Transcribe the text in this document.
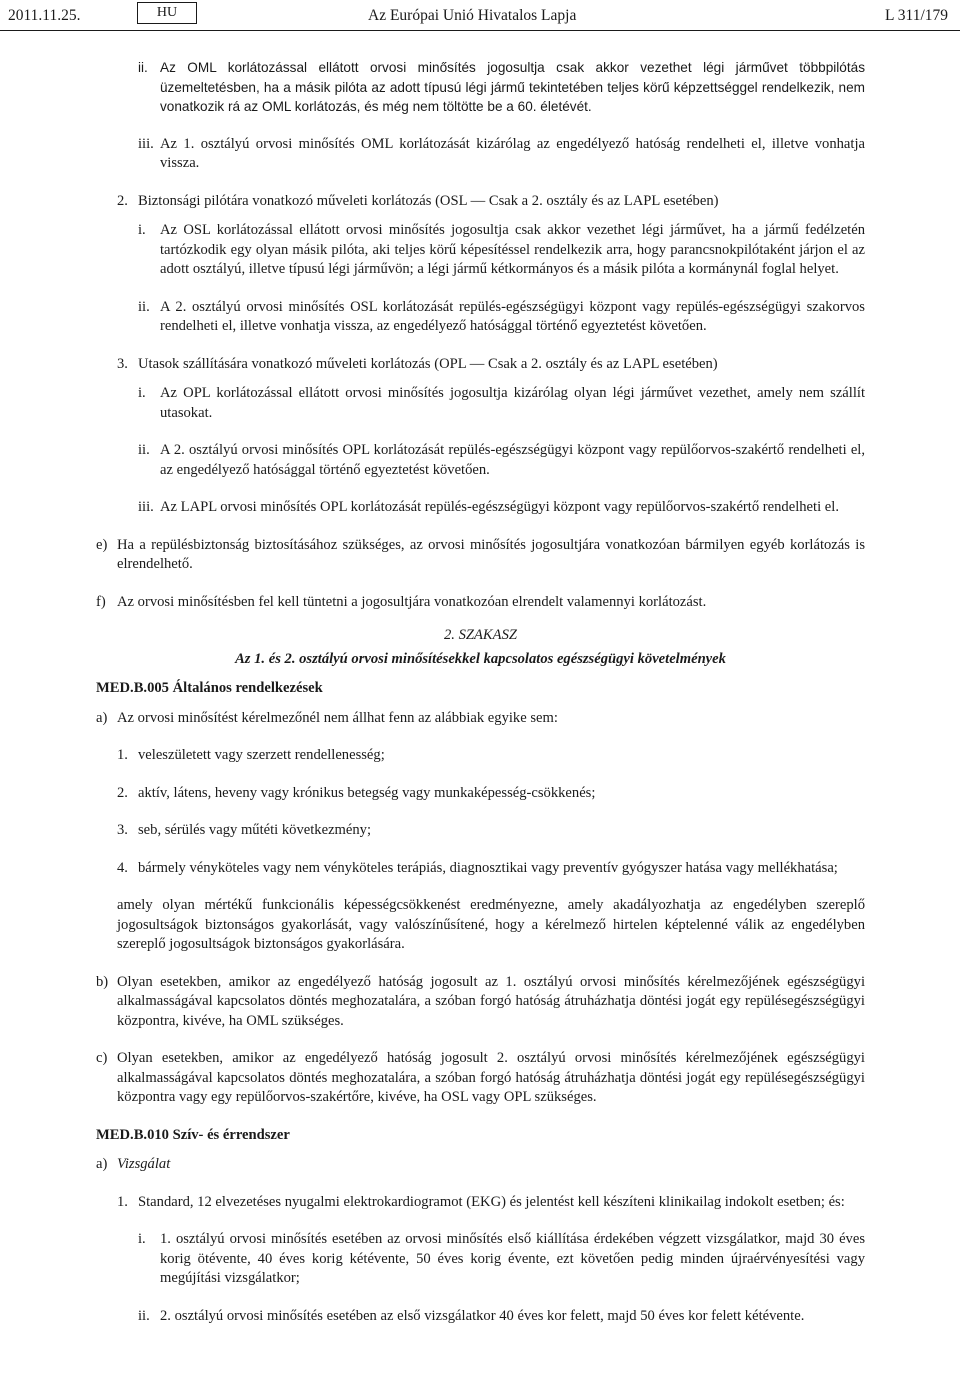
2011.11.25.	HU	Az Európai Unió Hivatalos Lapja	L 311/179
ii. Az OML korlátozással ellátott orvosi minősítés jogosultja csak akkor vezethet légi járművet többpilótás üzemeltetésben, ha a másik pilóta az adott típusú légi jármű tekintetében teljes körű képzettséggel rendelkezik, nem vonatkozik rá az OML korlátozás, és még nem töltötte be a 60. életévét.

iii. Az 1. osztályú orvosi minősítés OML korlátozását kizárólag az engedélyező hatóság rendelheti el, illetve vonhatja vissza.

2. Biztonsági pilótára vonatkozó műveleti korlátozás (OSL — Csak a 2. osztály és az LAPL esetében)

i. Az OSL korlátozással ellátott orvosi minősítés jogosultja csak akkor vezethet légi járművet, ha a jármű fedélzetén tartózkodik egy olyan másik pilóta, aki teljes körű képesítéssel rendelkezik arra, hogy parancsnokpilótaként járjon el az adott osztályú, illetve típusú légi járművön; a légi jármű kétkormányos és a másik pilóta a kormánynál foglal helyet.

ii. A 2. osztályú orvosi minősítés OSL korlátozását repülés-egészségügyi központ vagy repülés-egészségügyi szakorvos rendelheti el, illetve vonhatja vissza, az engedélyező hatósággal történő egyeztetést követően.

3. Utasok szállítására vonatkozó műveleti korlátozás (OPL — Csak a 2. osztály és az LAPL esetében)

i. Az OPL korlátozással ellátott orvosi minősítés jogosultja kizárólag olyan légi járművet vezethet, amely nem szállít utasokat.

ii. A 2. osztályú orvosi minősítés OPL korlátozását repülés-egészségügyi központ vagy repülőorvos-szakértő rendelheti el, az engedélyező hatósággal történő egyeztetést követően.

iii. Az LAPL orvosi minősítés OPL korlátozását repülés-egészségügyi központ vagy repülőorvos-szakértő rendelheti el.

e) Ha a repülésbiztonság biztosításához szükséges, az orvosi minősítés jogosultjára vonatkozóan bármilyen egyéb korlátozás is elrendelhető.

f) Az orvosi minősítésben fel kell tüntetni a jogosultjára vonatkozóan elrendelt valamennyi korlátozást.

2. SZAKASZ

Az 1. és 2. osztályú orvosi minősítésekkel kapcsolatos egészségügyi követelmények

MED.B.005 Általános rendelkezések

a) Az orvosi minősítést kérelmezőnél nem állhat fenn az alábbiak egyike sem:

1. veleszületett vagy szerzett rendellenesség;

2. aktív, látens, heveny vagy krónikus betegség vagy munkaképesség-csökkenés;

3. seb, sérülés vagy műtéti következmény;

4. bármely vényköteles vagy nem vényköteles terápiás, diagnosztikai vagy preventív gyógyszer hatása vagy mellékhatása;

amely olyan mértékű funkcionális képességcsökkenést eredményezne, amely akadályozhatja az engedélyben szereplő jogosultságok biztonságos gyakorlását, vagy valószínűsítené, hogy a kérelmező hirtelen képtelenné válik az engedélyben szereplő jogosultságok biztonságos gyakorlására.

b) Olyan esetekben, amikor az engedélyező hatóság jogosult az 1. osztályú orvosi minősítés kérelmezőjének egészségügyi alkalmasságával kapcsolatos döntés meghozatalára, a szóban forgó hatóság átruházhatja döntési jogát egy repülésegészségügyi központra, kivéve, ha OML szükséges.

c) Olyan esetekben, amikor az engedélyező hatóság jogosult 2. osztályú orvosi minősítés kérelmezőjének egészségügyi alkalmasságával kapcsolatos döntés meghozatalára, a szóban forgó hatóság átruházhatja döntési jogát egy repülésegészségügyi központra vagy egy repülőorvos-szakértőre, kivéve, ha OSL vagy OPL szükséges.

MED.B.010 Szív- és érrendszer

a) Vizsgálat

1. Standard, 12 elvezetéses nyugalmi elektrokardiogramot (EKG) és jelentést kell készíteni klinikailag indokolt esetben; és:

i. 1. osztályú orvosi minősítés esetében az orvosi minősítés első kiállítása érdekében végzett vizsgálatkor, majd 30 éves korig ötévente, 40 éves korig kétévente, 50 éves korig évente, ezt követően pedig minden újraérvényesítési vagy megújítási vizsgálatkor;

ii. 2. osztályú orvosi minősítés esetében az első vizsgálatkor 40 éves kor felett, majd 50 éves kor felett kétévente.
